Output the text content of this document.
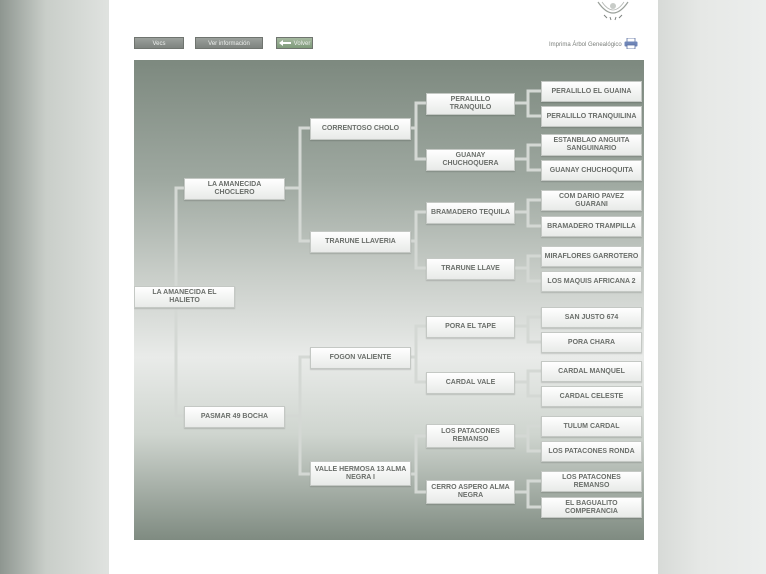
Vecs	Ver información	Volver	Imprima Árbol Genealógico
LA AMANECIDA EL HALIETO
LA AMANECIDA CHOCLERO
PASMAR 49 BOCHA
CORRENTOSO CHOLO
TRARUNE LLAVERIA
FOGON VALIENTE
VALLE HERMOSA 13 ALMA NEGRA I
PERALILLO TRANQUILO
GUANAY CHUCHOQUERA
BRAMADERO TEQUILA
TRARUNE LLAVE
PORA EL TAPE
CARDAL VALE
LOS PATACONES REMANSO
CERRO ASPERO ALMA NEGRA
PERALILLO EL GUAINA
PERALILLO TRANQUILINA
ESTANBLAO ANGUITA SANGUINARIO
GUANAY CHUCHOQUITA
COM DARIO PAVEZ GUARANI
BRAMADERO TRAMPILLA
MIRAFLORES GARROTERO
LOS MAQUIS AFRICANA 2
SAN JUSTO 674
PORA CHARA
CARDAL MANQUEL
CARDAL CELESTE
TULUM CARDAL
LOS PATACONES RONDA
LOS PATACONES REMANSO
EL BAGUALITO COMPERANCIA
